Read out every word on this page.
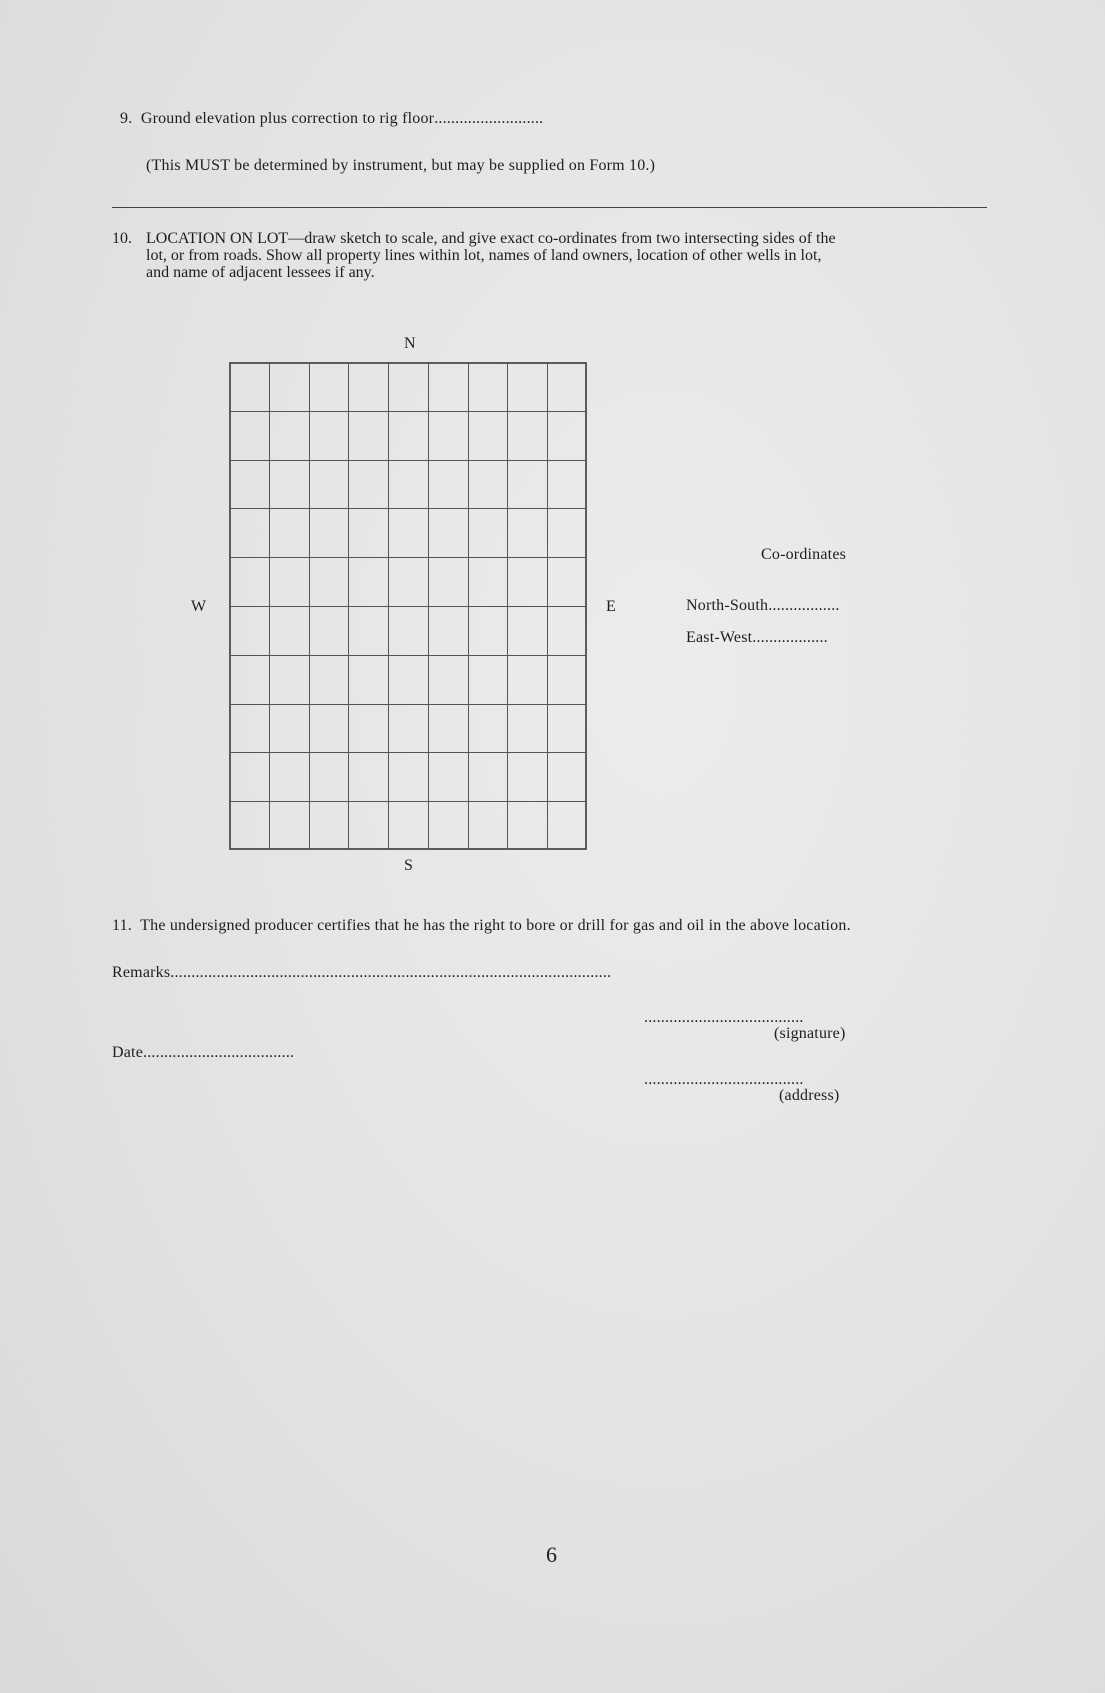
9. Ground elevation plus correction to rig floor..........................
(This MUST be determined by instrument, but may be supplied on Form 10.)
10. LOCATION ON LOT—draw sketch to scale, and give exact co-ordinates from two intersecting sides of the
lot, or from roads. Show all property lines within lot, names of land owners, location of other wells in lot,
and name of adjacent lessees if any.
N
S
W	E
Co-ordinates
North-South.................
East-West..................
11. The undersigned producer certifies that he has the right to bore or drill for gas and oil in the above location.
Remarks.........................................................................................................
......................................
(signature)
Date....................................
......................................
(address)
6
